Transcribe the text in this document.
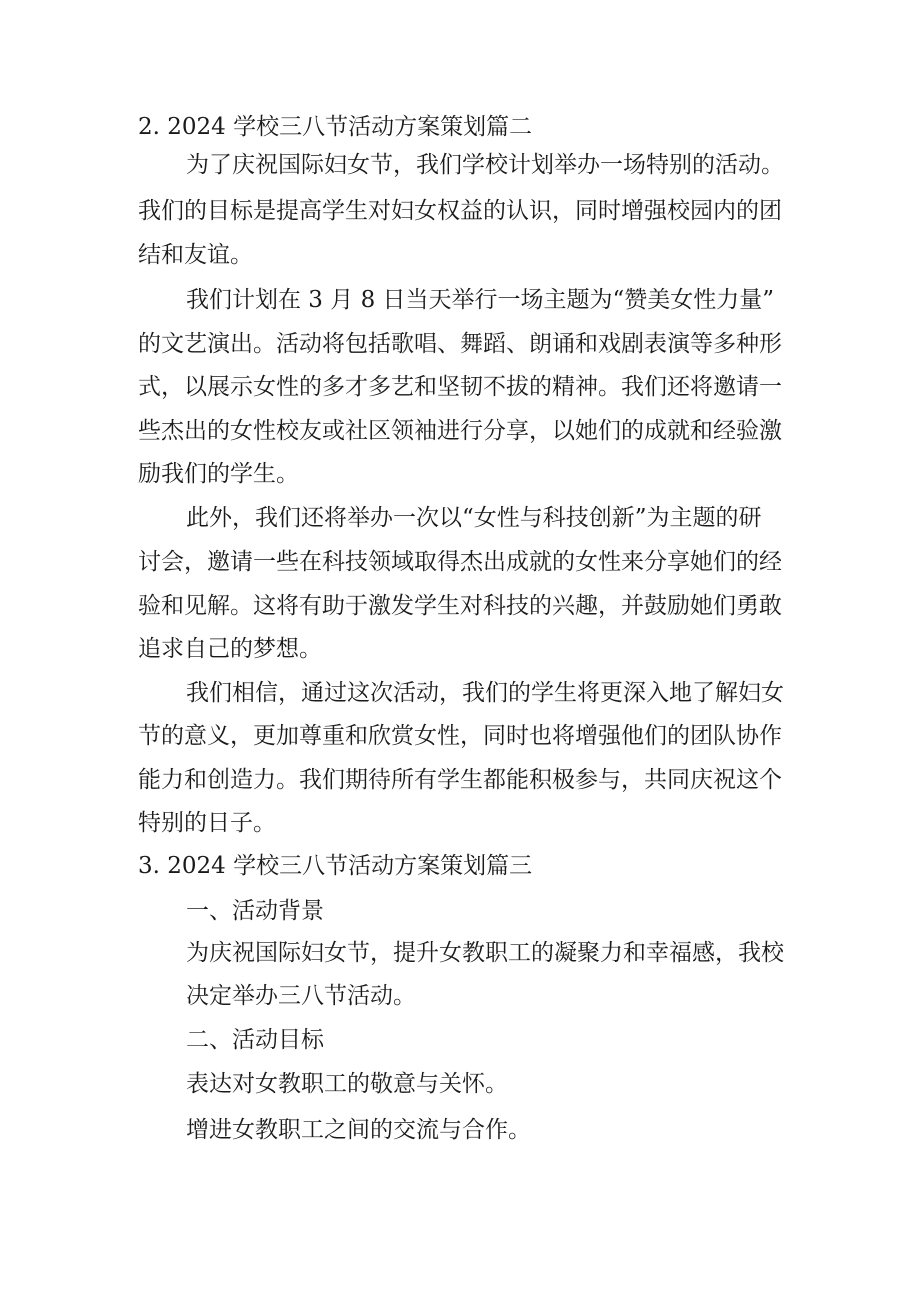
2. 2024 学校三八节活动方案策划篇二
为了庆祝国际妇女节，我们学校计划举办一场特别的活动。
我们的目标是提高学生对妇女权益的认识，同时增强校园内的团
结和友谊。
我们计划在 3 月 8 日当天举行一场主题为“赞美女性力量”
的文艺演出。活动将包括歌唱、舞蹈、朗诵和戏剧表演等多种形
式，以展示女性的多才多艺和坚韧不拔的精神。我们还将邀请一
些杰出的女性校友或社区领袖进行分享，以她们的成就和经验激
励我们的学生。
此外，我们还将举办一次以“女性与科技创新”为主题的研
讨会，邀请一些在科技领域取得杰出成就的女性来分享她们的经
验和见解。这将有助于激发学生对科技的兴趣，并鼓励她们勇敢
追求自己的梦想。
我们相信，通过这次活动，我们的学生将更深入地了解妇女
节的意义，更加尊重和欣赏女性，同时也将增强他们的团队协作
能力和创造力。我们期待所有学生都能积极参与，共同庆祝这个
特别的日子。
3. 2024 学校三八节活动方案策划篇三
一、活动背景
为庆祝国际妇女节，提升女教职工的凝聚力和幸福感，我校
决定举办三八节活动。
二、活动目标
表达对女教职工的敬意与关怀。
增进女教职工之间的交流与合作。
